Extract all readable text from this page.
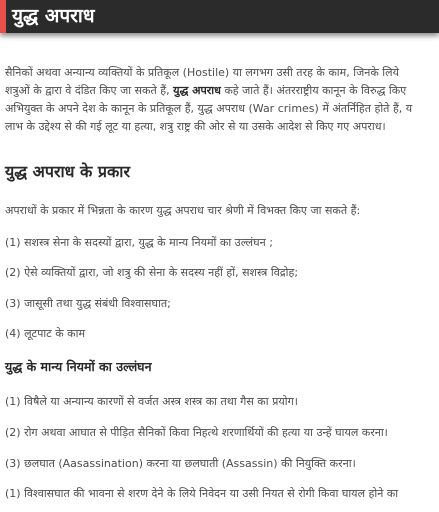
युद्ध अपराध

सैनिकों अथवा अन्यान्य व्यक्तियों के प्रतिकूल (Hostile) या लगभग उसी तरह के काम, जिनके लिये
शत्रुओं के द्वारा वे दंडित किए जा सकते हैं, युद्ध अपराध कहे जाते हैं। अंतरराष्ट्रीय कानून के विरुद्ध किए
अभियुक्त के अपने देश के कानून के प्रतिकूल हैं, युद्ध अपराध (War crimes) में अंतर्निहित होते हैं, य
लाभ के उद्देश्य से की गई लूट या हत्या, शत्रु राष्ट्र की ओर से या उसके आदेश से किए गए अपराध।

युद्ध अपराध के प्रकार

अपराधों के प्रकार में भिन्नता के कारण युद्ध अपराध चार श्रेणी में विभक्त किए जा सकते हैं:

(1) सशस्त्र सेना के सदस्यों द्वारा, युद्ध के मान्य नियमों का उल्लंघन ;

(2) ऐसे व्यक्तियों द्वारा, जो शत्रु की सेना के सदस्य नहीं हों, सशस्त्र विद्रोह;

(3) जासूसी तथा युद्ध संबंधी विश्वासघात;

(4) लूटपाट के काम

युद्ध के मान्य नियमों का उल्लंघन

(1) विषैले या अन्यान्य कारणों से वर्जत अस्त्र शस्त्र का तथा गैस का प्रयोग।

(2) रोग अथवा आघात से पीड़ित सैनिकों किवा निहत्थे शरणार्थियों की हत्या या उन्हें घायल करना।

(3) छलघात (Aasassination) करना या छलघाती (Assassin) की नियुक्ति करना।

(1) विश्वासघात की भावना से शरण देने के लिये निवेदन या उसी नियत से रोगी किवा घायल होने का
